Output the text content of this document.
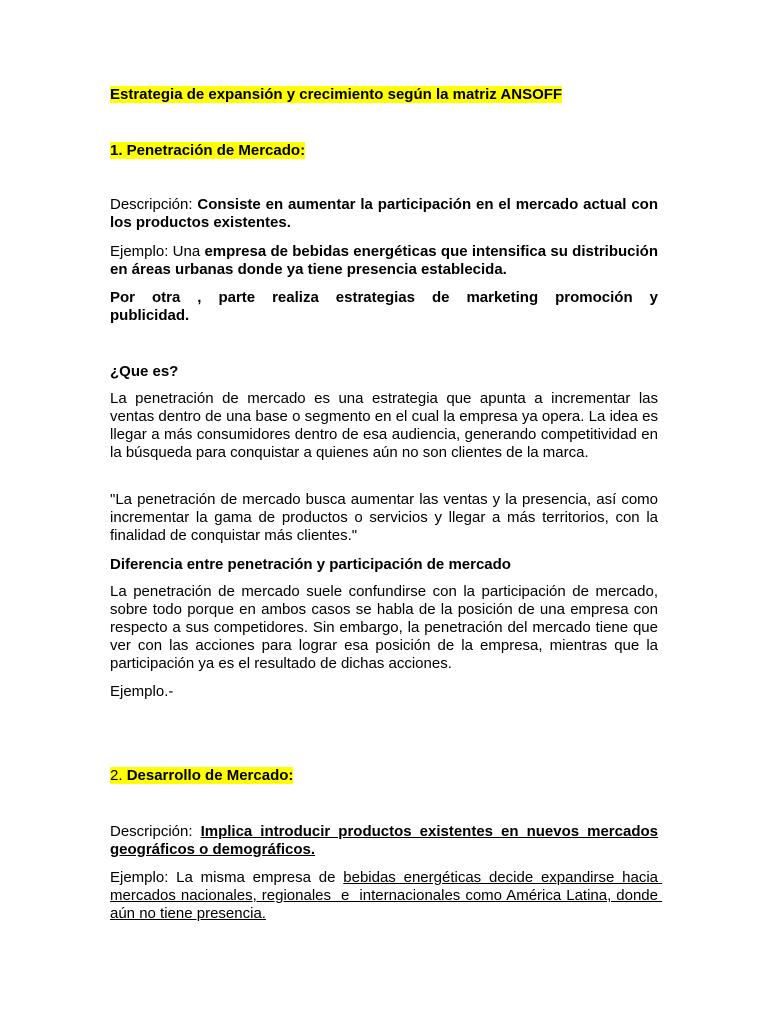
Estrategia de expansión y crecimiento según la matriz ANSOFF

1. Penetración de Mercado:

Descripción: Consiste en aumentar la participación en el mercado actual con los productos existentes.

Ejemplo: Una empresa de bebidas energéticas que intensifica su distribución en áreas urbanas donde ya tiene presencia establecida.

Por otra , parte realiza estrategias de marketing promoción y

publicidad.

¿Que es?

La penetración de mercado es una estrategia que apunta a incrementar las ventas dentro de una base o segmento en el cual la empresa ya opera. La idea es llegar a más consumidores dentro de esa audiencia, generando competitividad en la búsqueda para conquistar a quienes aún no son clientes de la marca.

"La penetración de mercado busca aumentar las ventas y la presencia, así como incrementar la gama de productos o servicios y llegar a más territorios, con la finalidad de conquistar más clientes."

Diferencia entre penetración y participación de mercado

La penetración de mercado suele confundirse con la participación de mercado, sobre todo porque en ambos casos se habla de la posición de una empresa con respecto a sus competidores. Sin embargo, la penetración del mercado tiene que ver con las acciones para lograr esa posición de la empresa, mientras que la participación ya es el resultado de dichas acciones.

Ejemplo.-

2. Desarrollo de Mercado:

Descripción: Implica introducir productos existentes en nuevos mercados geográficos o demográficos.

Ejemplo: La misma empresa de bebidas energéticas decide expandirse hacia mercados nacionales, regionales  e  internacionales como América Latina, donde aún no tiene presencia.
